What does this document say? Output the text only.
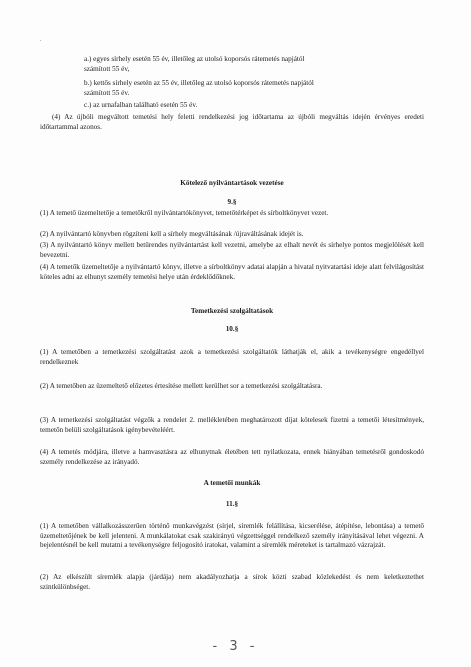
a.) egyes sírhely esetén 55 év, illetőleg az utolsó koporsós rátemetés napjától
számított 55 év,
b.) kettős sírhely esetén az 55 év, illetőleg az utolsó koporsós rátemetés napjától
számított 55 év.
c.) az urnafalban található esetén 55 év.
(4) Az újbóli megváltott temetési hely feletti rendelkezési jog időtartama az újbóli megváltás idején érvényes eredeti időtartammal azonos.
Kötelező nyilvántartások vezetése
9.§
(1) A temető üzemeltetője a temetőkről nyilvántartókönyvet, temetőtérképet és sírboltkönyvet vezet.
(2) A nyilvántartó könyvben rögzíteni kell a sírhely megváltásának /újraváltásának idejét is.
(3) A nyilvántartó könyv mellett betűrendes nyilvántartást kell vezetni, amelybe az elhalt nevét és sírhelye pontos megjelölését kell bevezetni.
(4) A temetők üzemeltetője a nyilvántartó könyv, illetve a sírboltkönyv adatai alapján a hivatal nyitvatartási ideje alatt felvilágosítást köteles adni az elhunyt személy temetési helye után érdeklődőknek.
Temetkezési szolgáltatások
10.§
(1) A temetőben a temetkezési szolgáltatást azok a temetkezési szolgáltatók láthatják el, akik a tevékenységre engedéllyel rendelkeznek
(2) A temetőben az üzemeltető előzetes értesítése mellett kerülhet sor a temetkezési szolgáltatásra.
(3) A temetkezési szolgáltatást végzők a rendelet 2. mellékletében meghatározott díjat kötelesek fizetni a temetői létesítmények, temetőn belüli szolgáltatások igénybevételéért.
(4) A temetés módjára, illetve a hamvasztásra az elhunytnak életében tett nyilatkozata, ennek hiányában temetésről gondoskodó személy rendelkezése az irányadó.
A temetői munkák
11.§
(1) A temetőben vállalkozásszerűen történő munkavégzést (sírjel, síremlék felállítása, kicserélése, átépítése, lebontása) a temető üzemeltetőjének be kell jelenteni. A munkálatokat csak szakirányú végzettséggel rendelkező személy irányításával lehet végezni. A bejelentésnél be kell mutatni a tevékenységre feljogosító iratokat, valamint a síremlék méreteket is tartalmazó vázrajzát.
(2) Az elkészült síremlék alapja (járdája) nem akadályozhatja a sírok közti szabad közlekedést és nem keletkeztethet szintkülönbséget.
- 3 -
